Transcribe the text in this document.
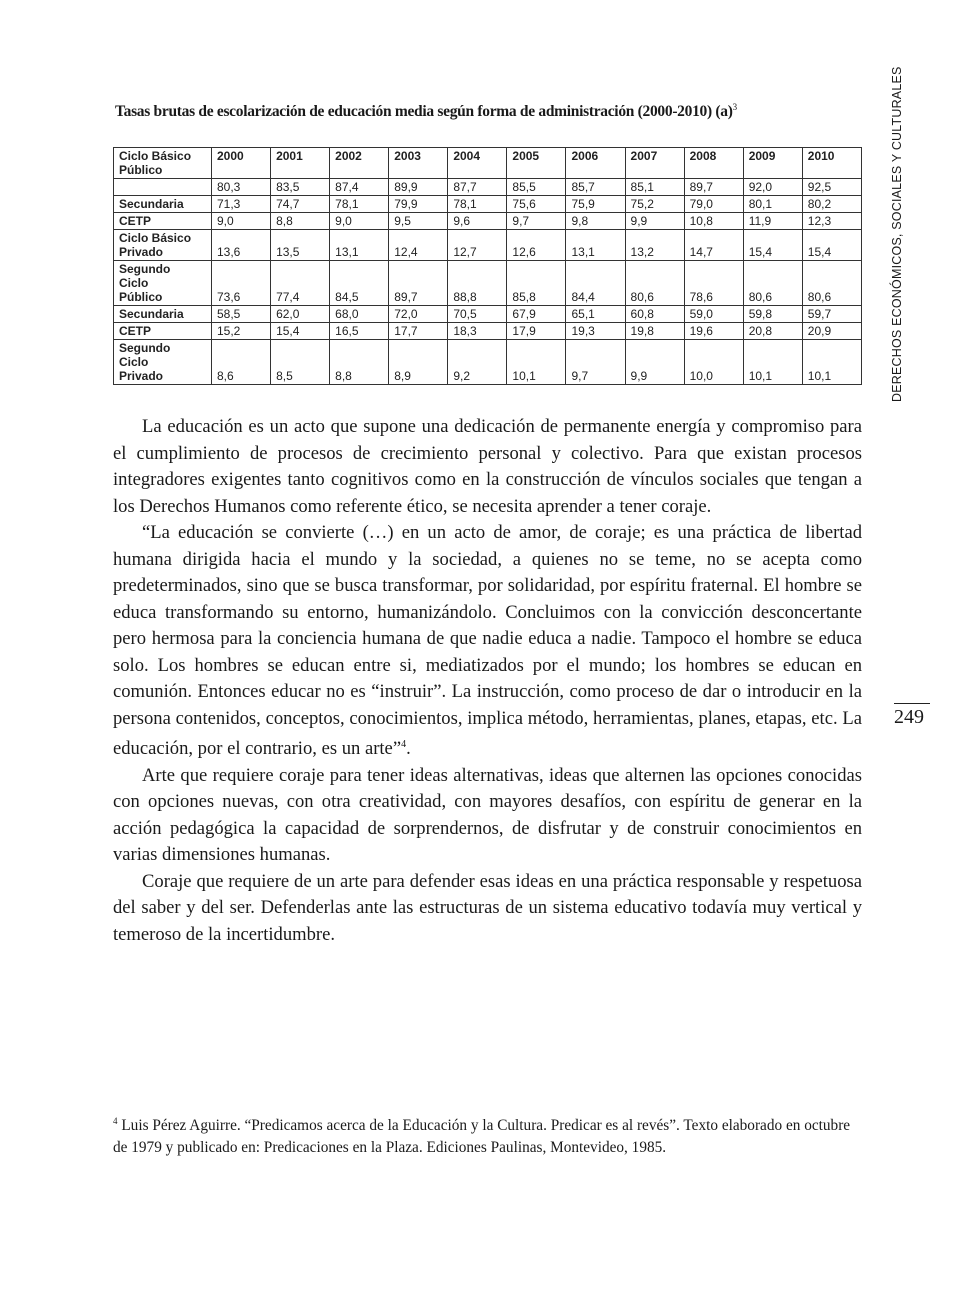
Tasas brutas de escolarización de educación media según forma de administración (2000-2010) $(a)^3$
Ciclo Básico
Público	2000	2001	2002	2003	2004	2005	2006	2007	2008	2009	2010
	80,3	83,5	87,4	89,9	87,7	85,5	85,7	85,1	89,7	92,0	92,5
Secundaria	71,3	74,7	78,1	79,9	78,1	75,6	75,9	75,2	79,0	80,1	80,2
CETP	9,0	8,8	9,0	9,5	9,6	9,7	9,8	9,9	10,8	11,9	12,3
Ciclo Básico
Privado	13,6	13,5	13,1	12,4	12,7	12,6	13,1	13,2	14,7	15,4	15,4
Segundo
Ciclo
Público	73,6	77,4	84,5	89,7	88,8	85,8	84,4	80,6	78,6	80,6	80,6
Secundaria	58,5	62,0	68,0	72,0	70,5	67,9	65,1	60,8	59,0	59,8	59,7
CETP	15,2	15,4	16,5	17,7	18,3	17,9	19,3	19,8	19,6	20,8	20,9
Segundo
Ciclo
Privado	8,6	8,5	8,8	8,9	9,2	10,1	9,7	9,9	10,0	10,1	10,1

La educación es un acto que supone una dedicación de permanente energía y compromiso para el cumplimiento de procesos de crecimiento personal y colectivo. Para que existan procesos integradores exigentes tanto cognitivos como en la construcción de vínculos sociales que tengan a los Derechos Humanos como referente ético, se necesita aprender a tener coraje.

“La educación se convierte (…) en un acto de amor, de coraje; es una práctica de libertad humana dirigida hacia el mundo y la sociedad, a quienes no se teme, no se acepta como predeterminados, sino que se busca transformar, por solidaridad, por espíritu fraternal. El hombre se educa transformando su entorno, humanizándolo. Concluimos con la convicción desconcertante pero hermosa para la conciencia humana de que nadie educa a nadie. Tampoco el hombre se educa solo. Los hombres se educan entre si, mediatizados por el mundo; los hombres se educan en comunión. Entonces educar no es “instruir”. La instrucción, como proceso de dar o introducir en la persona contenidos, conceptos, conocimientos, implica método, herramientas, planes, etapas, etc. La educación, por el contrario, es un arte”$^4$.

Arte que requiere coraje para tener ideas alternativas, ideas que alternen las opciones conocidas con opciones nuevas, con otra creatividad, con mayores desafíos, con espíritu de generar en la acción pedagógica la capacidad de sorprendernos, de disfrutar y de construir conocimientos en varias dimensiones humanas.

Coraje que requiere de un arte para defender esas ideas en una práctica responsable y respetuosa del saber y del ser. Defenderlas ante las estructuras de un sistema educativo todavía muy vertical y temeroso de la incertidumbre.

DERECHOS ECONÓMICOS, SOCIALES Y CULTURALES
249
$^4$ Luis Pérez Aguirre. “Predicamos acerca de la Educación y la Cultura. Predicar es al revés”. Texto elaborado en octubre de 1979 y publicado en: Predicaciones en la Plaza. Ediciones Paulinas, Montevideo, 1985.
